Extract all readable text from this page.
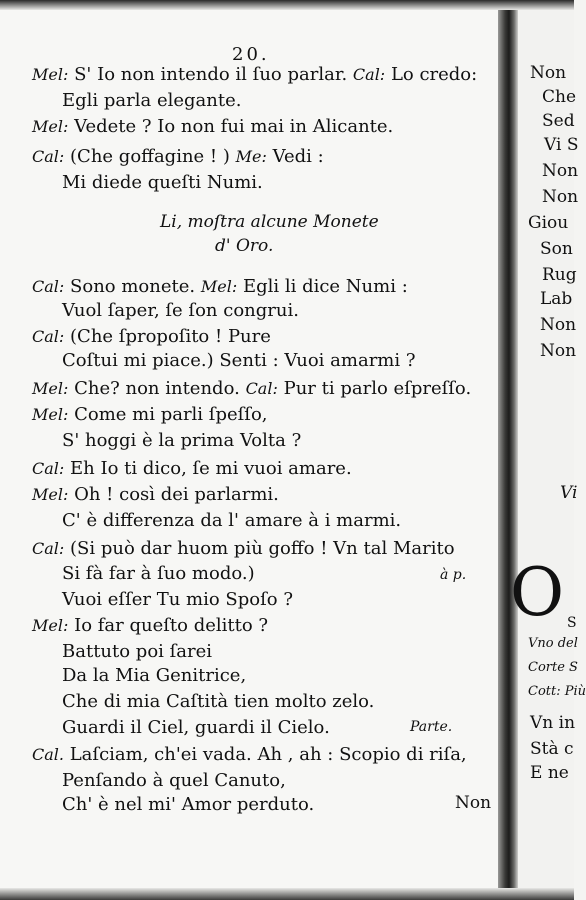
20.
Mel: S' Io non intendo il ſuo parlar. Cal: Lo credo:
Egli parla elegante.
Mel: Vedete ? Io non fui mai in Alicante.
Cal: (Che goffagine ! ) Me: Vedi :
Mi diede queſti Numi.
Cal: Sono monete. Mel: Egli li dice Numi :
Vuol ſaper, ſe ſon congrui.
Cal: (Che ſpropoſito ! Pure
Coſtui mi piace.) Senti : Vuoi amarmi ?
Mel: Che? non intendo. Cal: Pur ti parlo eſpreſſo.
Mel: Come mi parli ſpeſſo,
S' hoggi è la prima Volta ?
Cal: Eh Io ti dico, ſe mi vuoi amare.
Mel: Oh ! così dei parlarmi.
C' è differenza da l' amare à i marmi.
Cal: (Si può dar huom più goffo ! Vn tal Marito
Si fà far à ſuo modo.)
Vuoi eſſer Tu mio Spoſo ?
Mel: Io far queſto delitto ?
Battuto poi ſarei
Da la Mia Genitrice,
Che di mia Caſtità tien molto zelo.
Guardi il Ciel, guardi il Cielo.
Cal. Laſciam, ch'ei vada. Ah , ah : Scopio di riſa,
Penſando à quel Canuto,
Ch' è nel mi' Amor perduto.
Li, moſtra alcune Monete
d' Oro.
à p.
Parte.
Non
Non
Che
Sed
Vi S
Non
Non
Giou
Son
Rug
Lab
Non
Non
Vi
S
Vno del
Corte S
Cott: Più
Vn in
Stà c
E ne
O
